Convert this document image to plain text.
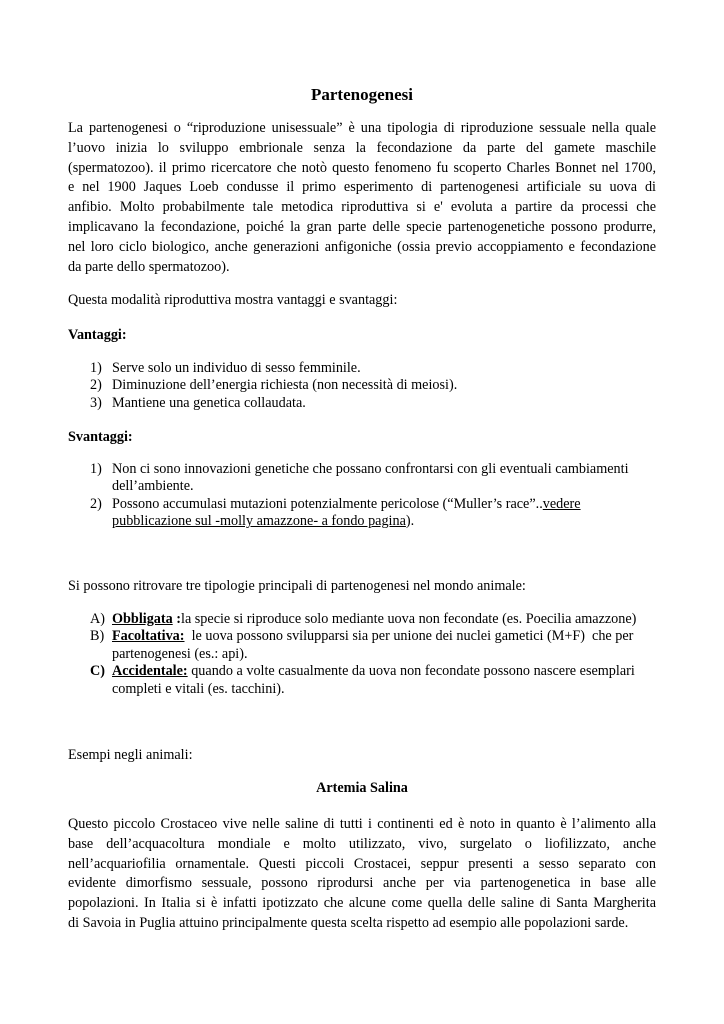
Partenogenesi

La partenogenesi o “riproduzione unisessuale” è una tipologia di riproduzione sessuale nella quale
l’uovo inizia lo sviluppo embrionale senza la fecondazione da parte del gamete maschile
(spermatozoo). il primo ricercatore che notò questo fenomeno fu scoperto Charles Bonnet nel 1700,
e nel 1900 Jaques Loeb condusse il primo esperimento di partenogenesi artificiale su uova di
anfibio. Molto probabilmente tale metodica riproduttiva si e' evoluta a partire da processi che
implicavano la fecondazione, poiché la gran parte delle specie partenogenetiche possono produrre,
nel loro ciclo biologico, anche generazioni anfigoniche (ossia previo accoppiamento e fecondazione
da parte dello spermatozoo).

Questa modalità riproduttiva mostra vantaggi e svantaggi:

Vantaggi:

1) Serve solo un individuo di sesso femminile.
2) Diminuzione dell’energia richiesta (non necessità di meiosi).
3) Mantiene una genetica collaudata.

Svantaggi:

1) Non ci sono innovazioni genetiche che possano confrontarsi con gli eventuali cambiamenti
dell’ambiente.
2) Possono accumulasi mutazioni potenzialmente pericolose (“Muller’s race”..vedere
pubblicazione sul -molly amazzone- a fondo pagina).

Si possono ritrovare tre tipologie principali di partenogenesi nel mondo animale:

A) Obbligata :la specie si riproduce solo mediante uova non fecondate (es. Poecilia amazzone)
B) Facoltativa:  le uova possono svilupparsi sia per unione dei nuclei gametici (M+F)  che per
partenogenesi (es.: api).
C) Accidentale: quando a volte casualmente da uova non fecondate possono nascere esemplari
completi e vitali (es. tacchini).

Esempi negli animali:

Artemia Salina

Questo piccolo Crostaceo vive nelle saline di tutti i continenti ed è noto in quanto è l’alimento alla
base dell’acquacoltura mondiale e molto utilizzato, vivo, surgelato o liofilizzato, anche
nell’acquariofilia ornamentale. Questi piccoli Crostacei, seppur presenti a sesso separato con
evidente dimorfismo sessuale, possono riprodursi anche per via partenogenetica in base alle
popolazioni. In Italia si è infatti ipotizzato che alcune come quella delle saline di Santa Margherita
di Savoia in Puglia attuino principalmente questa scelta rispetto ad esempio alle popolazioni sarde.
